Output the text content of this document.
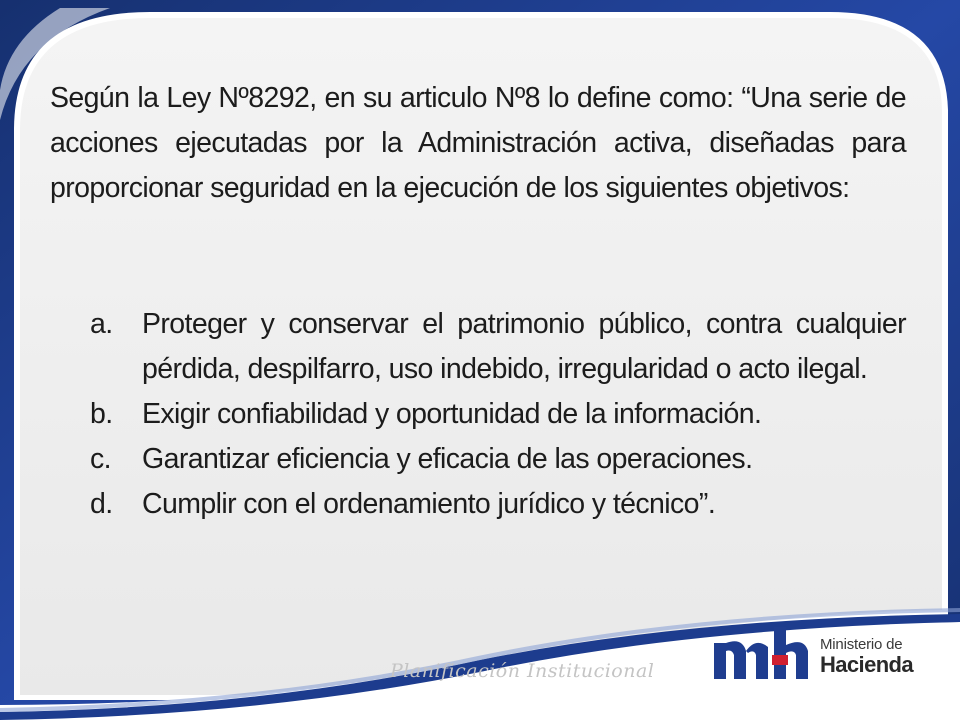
Según la Ley Nº8292, en su articulo Nº8 lo define como: “Una serie de acciones ejecutadas por la Administración activa, diseñadas para proporcionar seguridad en la ejecución de los siguientes objetivos:

a. Proteger y conservar el patrimonio público, contra cualquier pérdida, despilfarro, uso indebido, irregularidad o acto ilegal.
b. Exigir confiabilidad y oportunidad de la información.
c. Garantizar eficiencia y eficacia de las operaciones.
d. Cumplir con el ordenamiento jurídico y técnico”.
Planificación Institucional
Ministerio de
Hacienda
